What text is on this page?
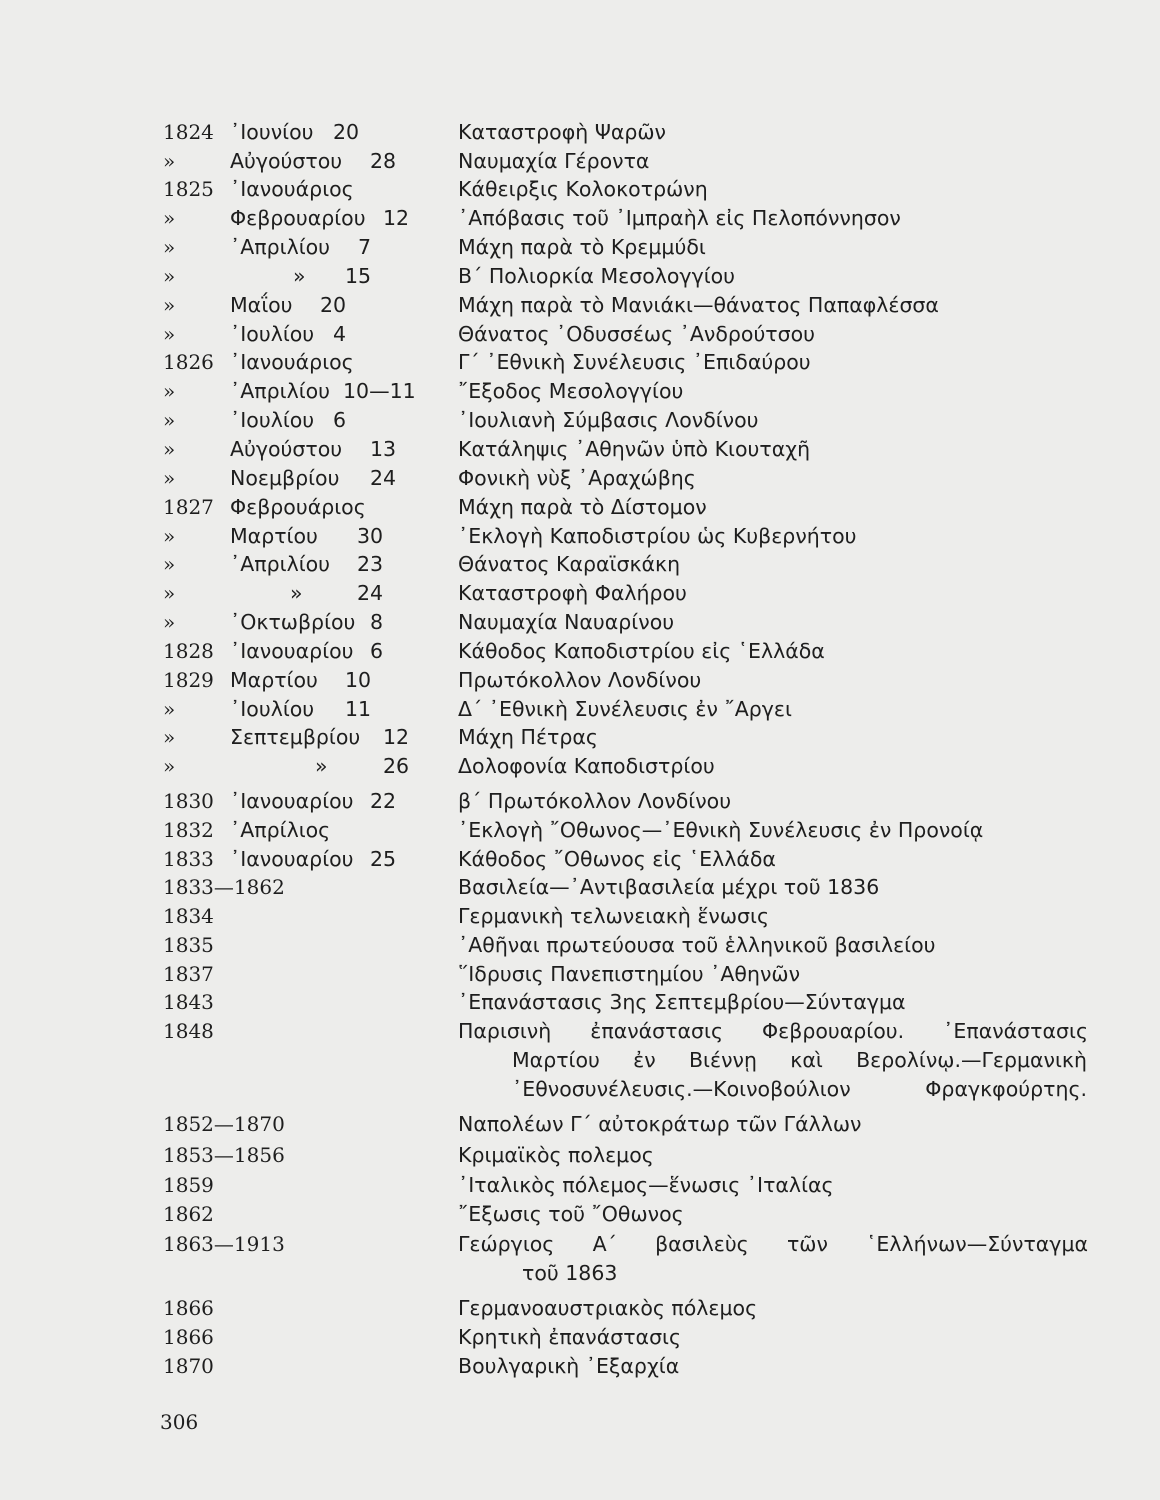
1824 ᾿Ιουνίου 20	Καταστροφὴ Ψαρῶν
»	Αὐγούστου 28	Ναυμαχία Γέροντα
1825 ᾿Ιανουάριος	Κάθειρξις Κολοκοτρώνη
»	Φεβρουαρίου 12 ᾿Απόβασις τοῦ ᾿Ιμπραὴλ εἰς Πελοπόννησον
»	᾿Απριλίου 7	Μάχη παρὰ τὸ Κρεμμύδι
»	» 15	Β΄ Πολιορκία Μεσολογγίου
»	Μαΐου 20	Μάχη παρὰ τὸ Μανιάκι—θάνατος Παπαφλέσσα
»	᾿Ιουλίου 4	Θάνατος ᾿Οδυσσέως ᾿Ανδρούτσου
1826 ᾿Ιανουάριος	Γ΄ ᾿Εθνικὴ Συνέλευσις ᾿Επιδαύρου
»	᾿Απριλίου 10—11 ῎Εξοδος Μεσολογγίου
»	᾿Ιουλίου 6	᾿Ιουλιανὴ Σύμβασις Λονδίνου
»	Αὐγούστου 13	Κατάληψις ᾿Αθηνῶν ὑπὸ Κιουταχῆ
»	Νοεμβρίου 24	Φονικὴ νὺξ ᾿Αραχώβης
1827 Φεβρουάριος	Μάχη παρὰ τὸ Δίστομον
»	Μαρτίου 30	᾿Εκλογὴ Καποδιστρίου ὡς Κυβερνήτου
»	᾿Απριλίου 23	Θάνατος Καραϊσκάκη
»	»	24	Καταστροφὴ Φαλήρου
»	᾿Οκτωβρίου 8	Ναυμαχία Ναυαρίνου
1828 ᾿Ιανουαρίου 6	Κάθοδος Καποδιστρίου εἰς ῾Ελλάδα
1829 Μαρτίου 10	Πρωτόκολλον Λονδίνου
»	᾿Ιουλίου 11	Δ΄ ᾿Εθνικὴ Συνέλευσις ἐν ῎Αργει
»	Σεπτεμβρίου 12 Μάχη Πέτρας
»	»	26 Δολοφονία Καποδιστρίου
1830 ᾿Ιανουαρίου 22	β΄ Πρωτόκολλον Λονδίνου
1832 ᾿Απρίλιος	᾿Εκλογὴ ῎Οθωνος—᾿Εθνικὴ Συνέλευσις ἐν Προνοίᾳ
1833 ᾿Ιανουαρίου 25	Κάθοδος ῎Οθωνος εἰς ῾Ελλάδα
1833—1862	Βασιλεία—᾿Αντιβασιλεία μέχρι τοῦ 1836
1834	Γερμανικὴ τελωνειακὴ ἕνωσις
1835	᾿Αθῆναι πρωτεύουσα τοῦ ἑλληνικοῦ βασιλείου
1837	῞Ιδρυσις Πανεπιστημίου ᾿Αθηνῶν
1843	᾿Επανάστασις 3ης Σεπτεμβρίου—Σύνταγμα
1848	Παρισινὴ ἐπανάστασις Φεβρουαρίου. ᾿Επανάστασις
Μαρτίου ἐν Βιέννῃ καὶ Βερολίνῳ.—Γερμανικὴ
᾿Εθνοσυνέλευσις.—Κοινοβούλιον Φραγκφούρτης.
1852—1870	Ναπολέων Γ΄ αὐτοκράτωρ τῶν Γάλλων
1853—1856	Κριμαϊκὸς πολεμος
1859	᾿Ιταλικὸς πόλεμος—ἕνωσις ᾿Ιταλίας
1862	῎Εξωσις τοῦ ῎Οθωνος
1863—1913	Γεώργιος Α΄ βασιλεὺς τῶν ῾Ελλήνων—Σύνταγμα
τοῦ 1863
1866	Γερμανοαυστριακὸς πόλεμος
1866	Κρητικὴ ἐπανάστασις
1870	Βουλγαρικὴ ᾿Εξαρχία
306
